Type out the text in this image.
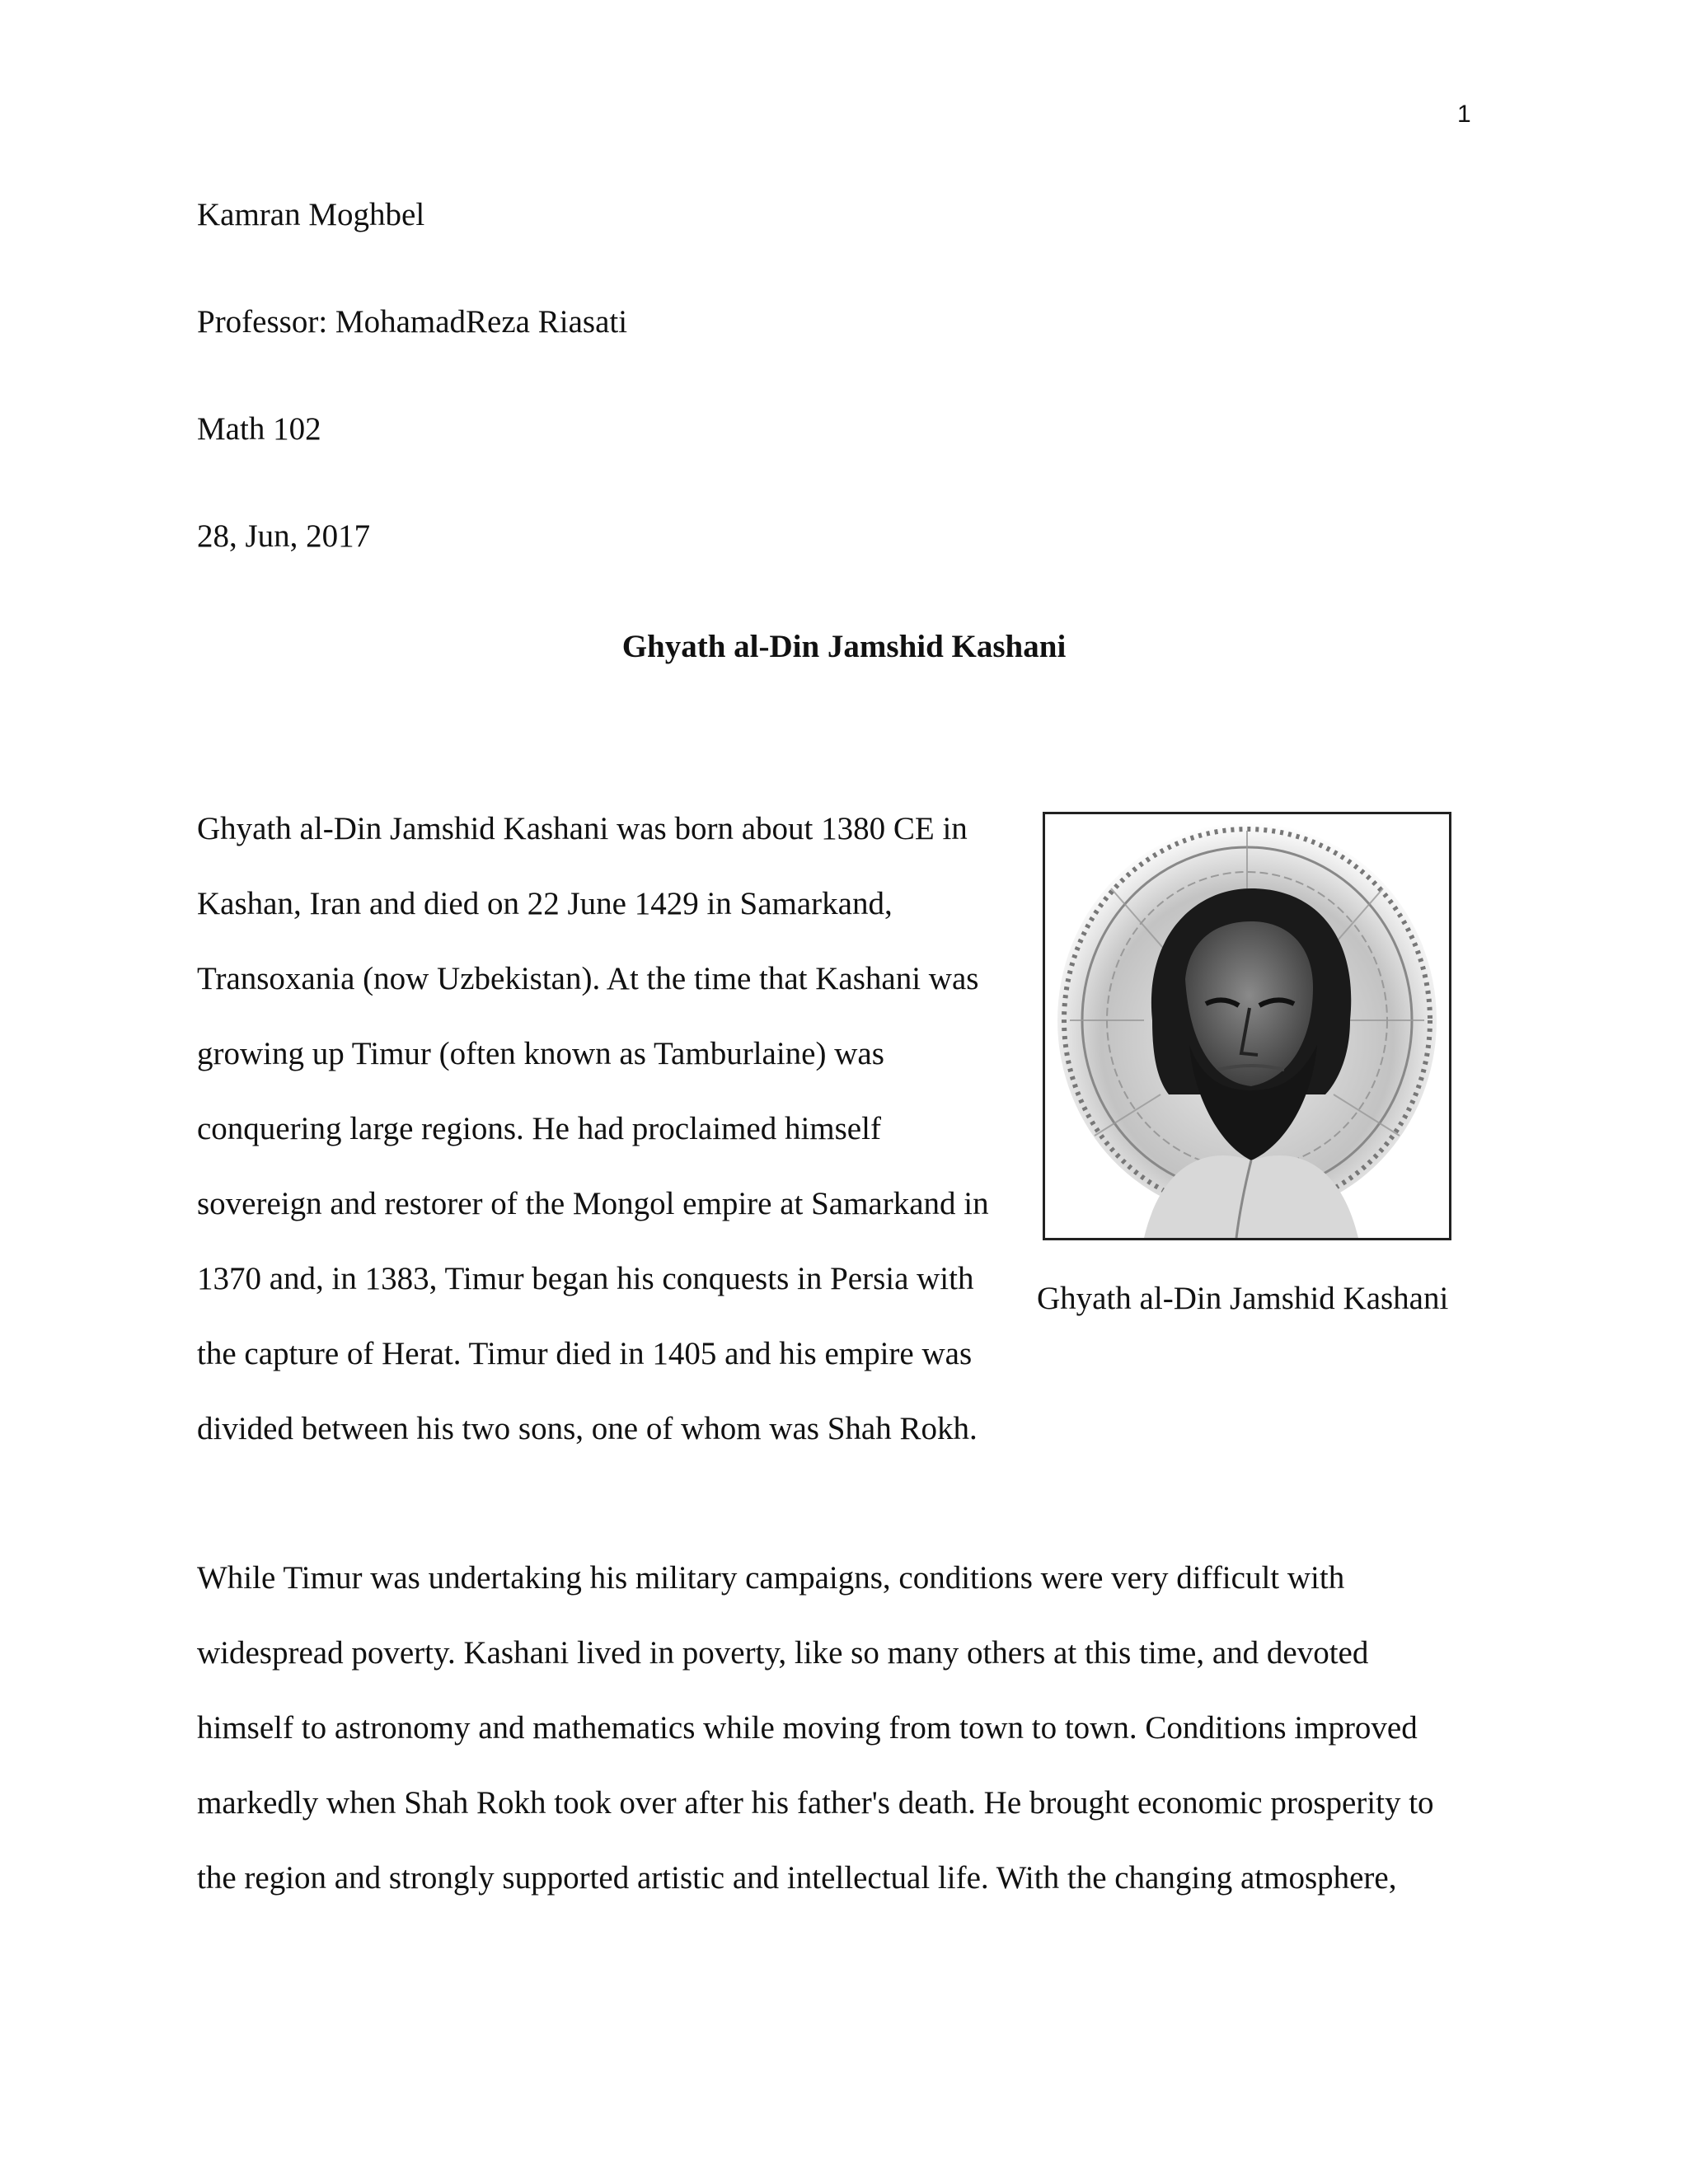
1
Kamran Moghbel
Professor: MohamadReza Riasati
Math 102
28, Jun, 2017
Ghyath al-Din Jamshid Kashani
Ghyath al-Din Jamshid Kashani was born about 1380 CE in
Kashan, Iran and died on 22 June 1429 in Samarkand,
Transoxania (now Uzbekistan). At the time that Kashani was
growing up Timur (often known as Tamburlaine) was
conquering large regions. He had proclaimed himself
sovereign and restorer of the Mongol empire at Samarkand in
1370 and, in 1383, Timur began his conquests in Persia with
the capture of Herat. Timur died in 1405 and his empire was
divided between his two sons, one of whom was Shah Rokh.
Ghyath al-Din Jamshid Kashani
While Timur was undertaking his military campaigns, conditions were very difficult with
widespread poverty. Kashani lived in poverty, like so many others at this time, and devoted
himself to astronomy and mathematics while moving from town to town. Conditions improved
markedly when Shah Rokh took over after his father's death. He brought economic prosperity to
the region and strongly supported artistic and intellectual life. With the changing atmosphere,
